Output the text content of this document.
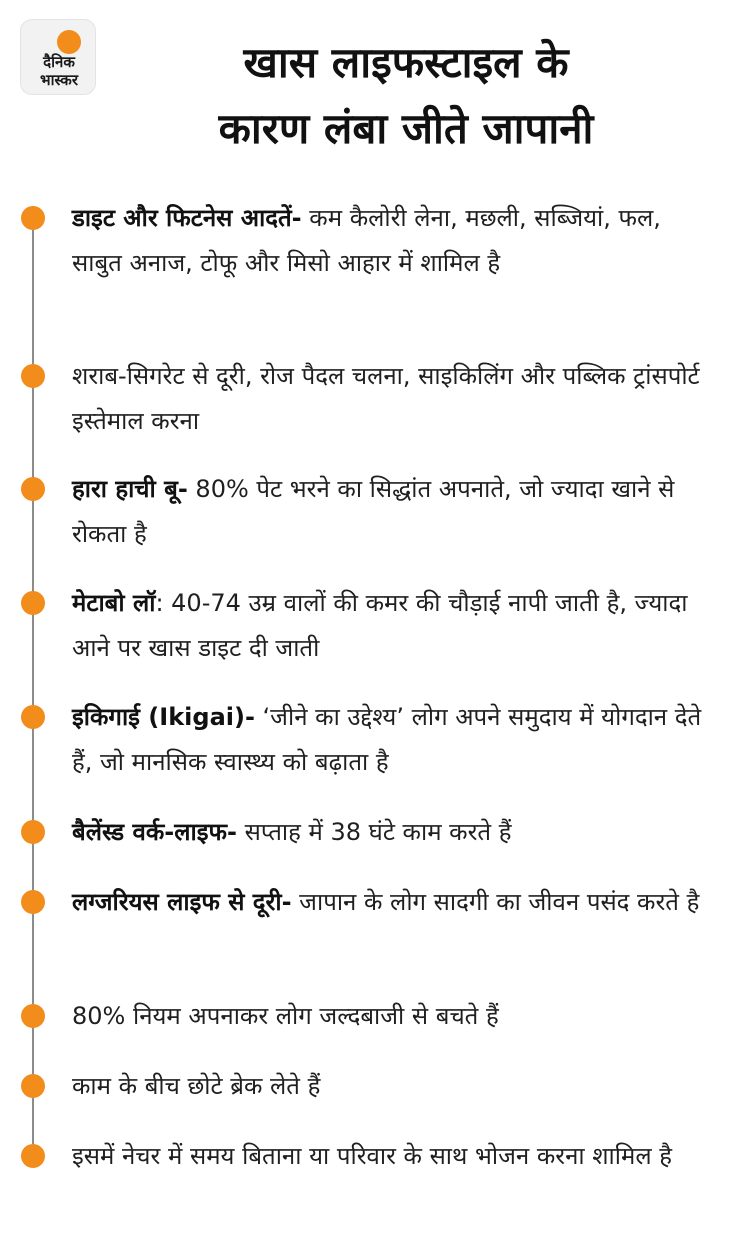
दैनिक
भास्कर	खास लाइफस्टाइल के
कारण लंबा जीते जापानी
डाइट और फिटनेस आदतें- कम कैलोरी लेना, मछली, सब्जियां, फल, साबुत अनाज, टोफू और मिसो आहार में शामिल है
शराब-सिगरेट से दूरी, रोज पैदल चलना, साइकिलिंग और पब्लिक ट्रांसपोर्ट इस्तेमाल करना
हारा हाची बू- 80% पेट भरने का सिद्धांत अपनाते, जो ज्यादा खाने से रोकता है
मेटाबो लॉ: 40-74 उम्र वालों की कमर की चौड़ाई नापी जाती है, ज्यादा आने पर खास डाइट दी जाती
इकिगाई (Ikigai)- ‘जीने का उद्देश्य’ लोग अपने समुदाय में योगदान देते हैं, जो मानसिक स्वास्थ्य को बढ़ाता है
बैलेंस्ड वर्क-लाइफ- सप्ताह में 38 घंटे काम करते हैं
लग्जरियस लाइफ से दूरी- जापान के लोग सादगी का जीवन पसंद करते है
80% नियम अपनाकर लोग जल्दबाजी से बचते हैं
काम के बीच छोटे ब्रेक लेते हैं
इसमें नेचर में समय बिताना या परिवार के साथ भोजन करना शामिल है
